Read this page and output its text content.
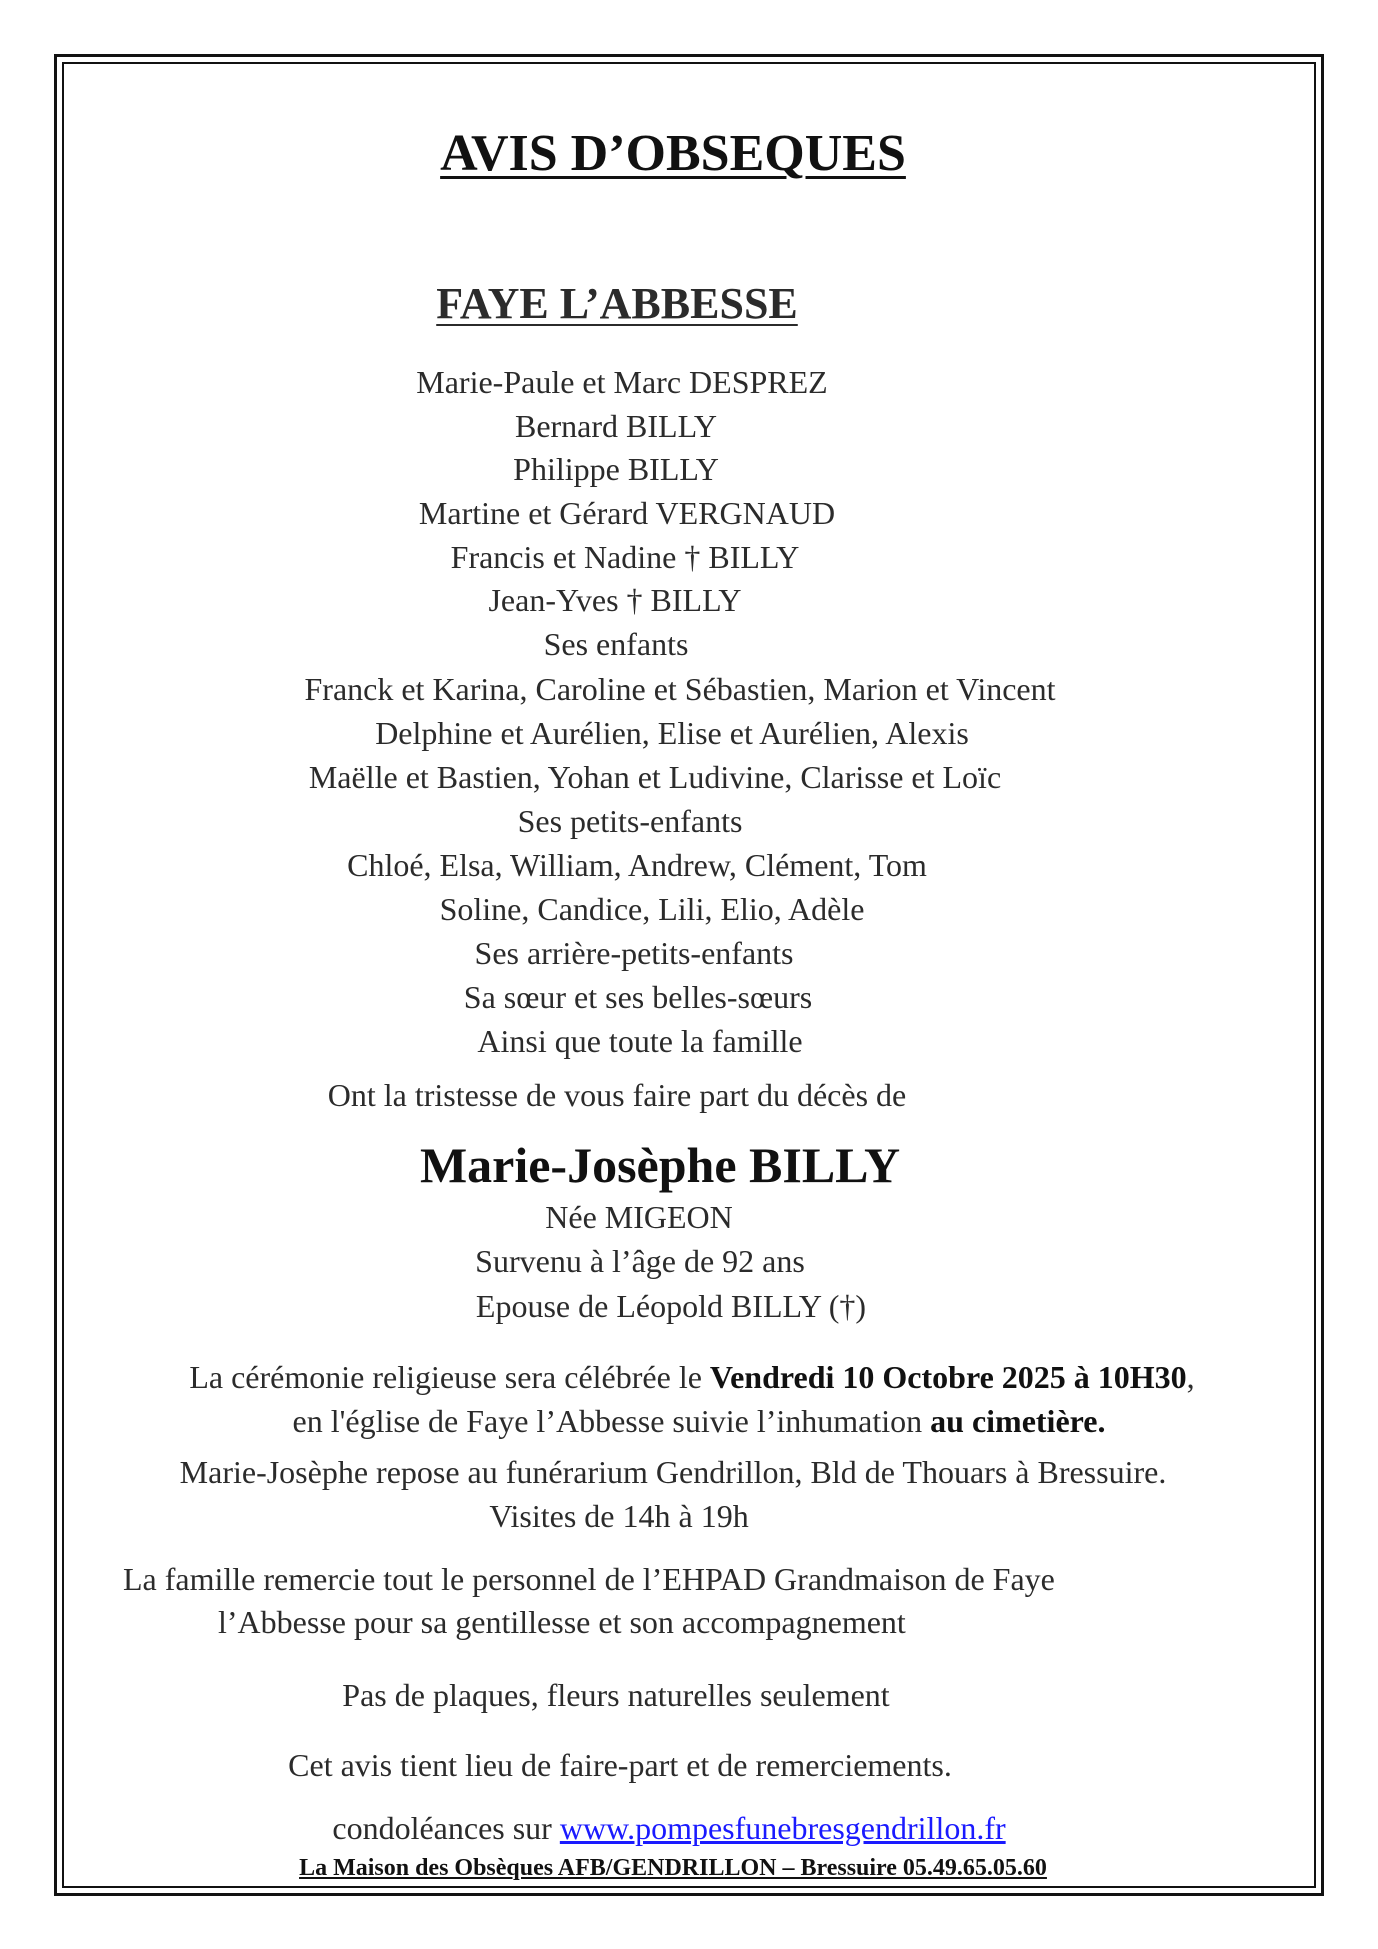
AVIS D’OBSEQUES
FAYE L’ABBESSE
Marie-Paule et Marc DESPREZ
Bernard BILLY
Philippe BILLY
Martine et Gérard VERGNAUD
Francis et Nadine † BILLY
Jean-Yves † BILLY
Ses enfants
Franck et Karina, Caroline et Sébastien, Marion et Vincent
Delphine et Aurélien, Elise et Aurélien, Alexis
Maëlle et Bastien, Yohan et Ludivine, Clarisse et Loïc
Ses petits-enfants
Chloé, Elsa, William, Andrew, Clément, Tom
Soline, Candice, Lili, Elio, Adèle
Ses arrière-petits-enfants
Sa sœur et ses belles-sœurs
Ainsi que toute la famille
Ont la tristesse de vous faire part du décès de
Marie-Josèphe BILLY
Née MIGEON
Survenu à l’âge de 92 ans
Epouse de Léopold BILLY (†)
La cérémonie religieuse sera célébrée le Vendredi 10 Octobre 2025 à 10H30,
en l'église de Faye l’Abbesse suivie l’inhumation au cimetière.
Marie-Josèphe repose au funérarium Gendrillon, Bld de Thouars à Bressuire.
Visites de 14h à 19h
La famille remercie tout le personnel de l’EHPAD Grandmaison de Faye
l’Abbesse pour sa gentillesse et son accompagnement
Pas de plaques, fleurs naturelles seulement
Cet avis tient lieu de faire-part et de remerciements.
condoléances sur www.pompesfunebresgendrillon.fr
La Maison des Obsèques AFB/GENDRILLON – Bressuire 05.49.65.05.60
